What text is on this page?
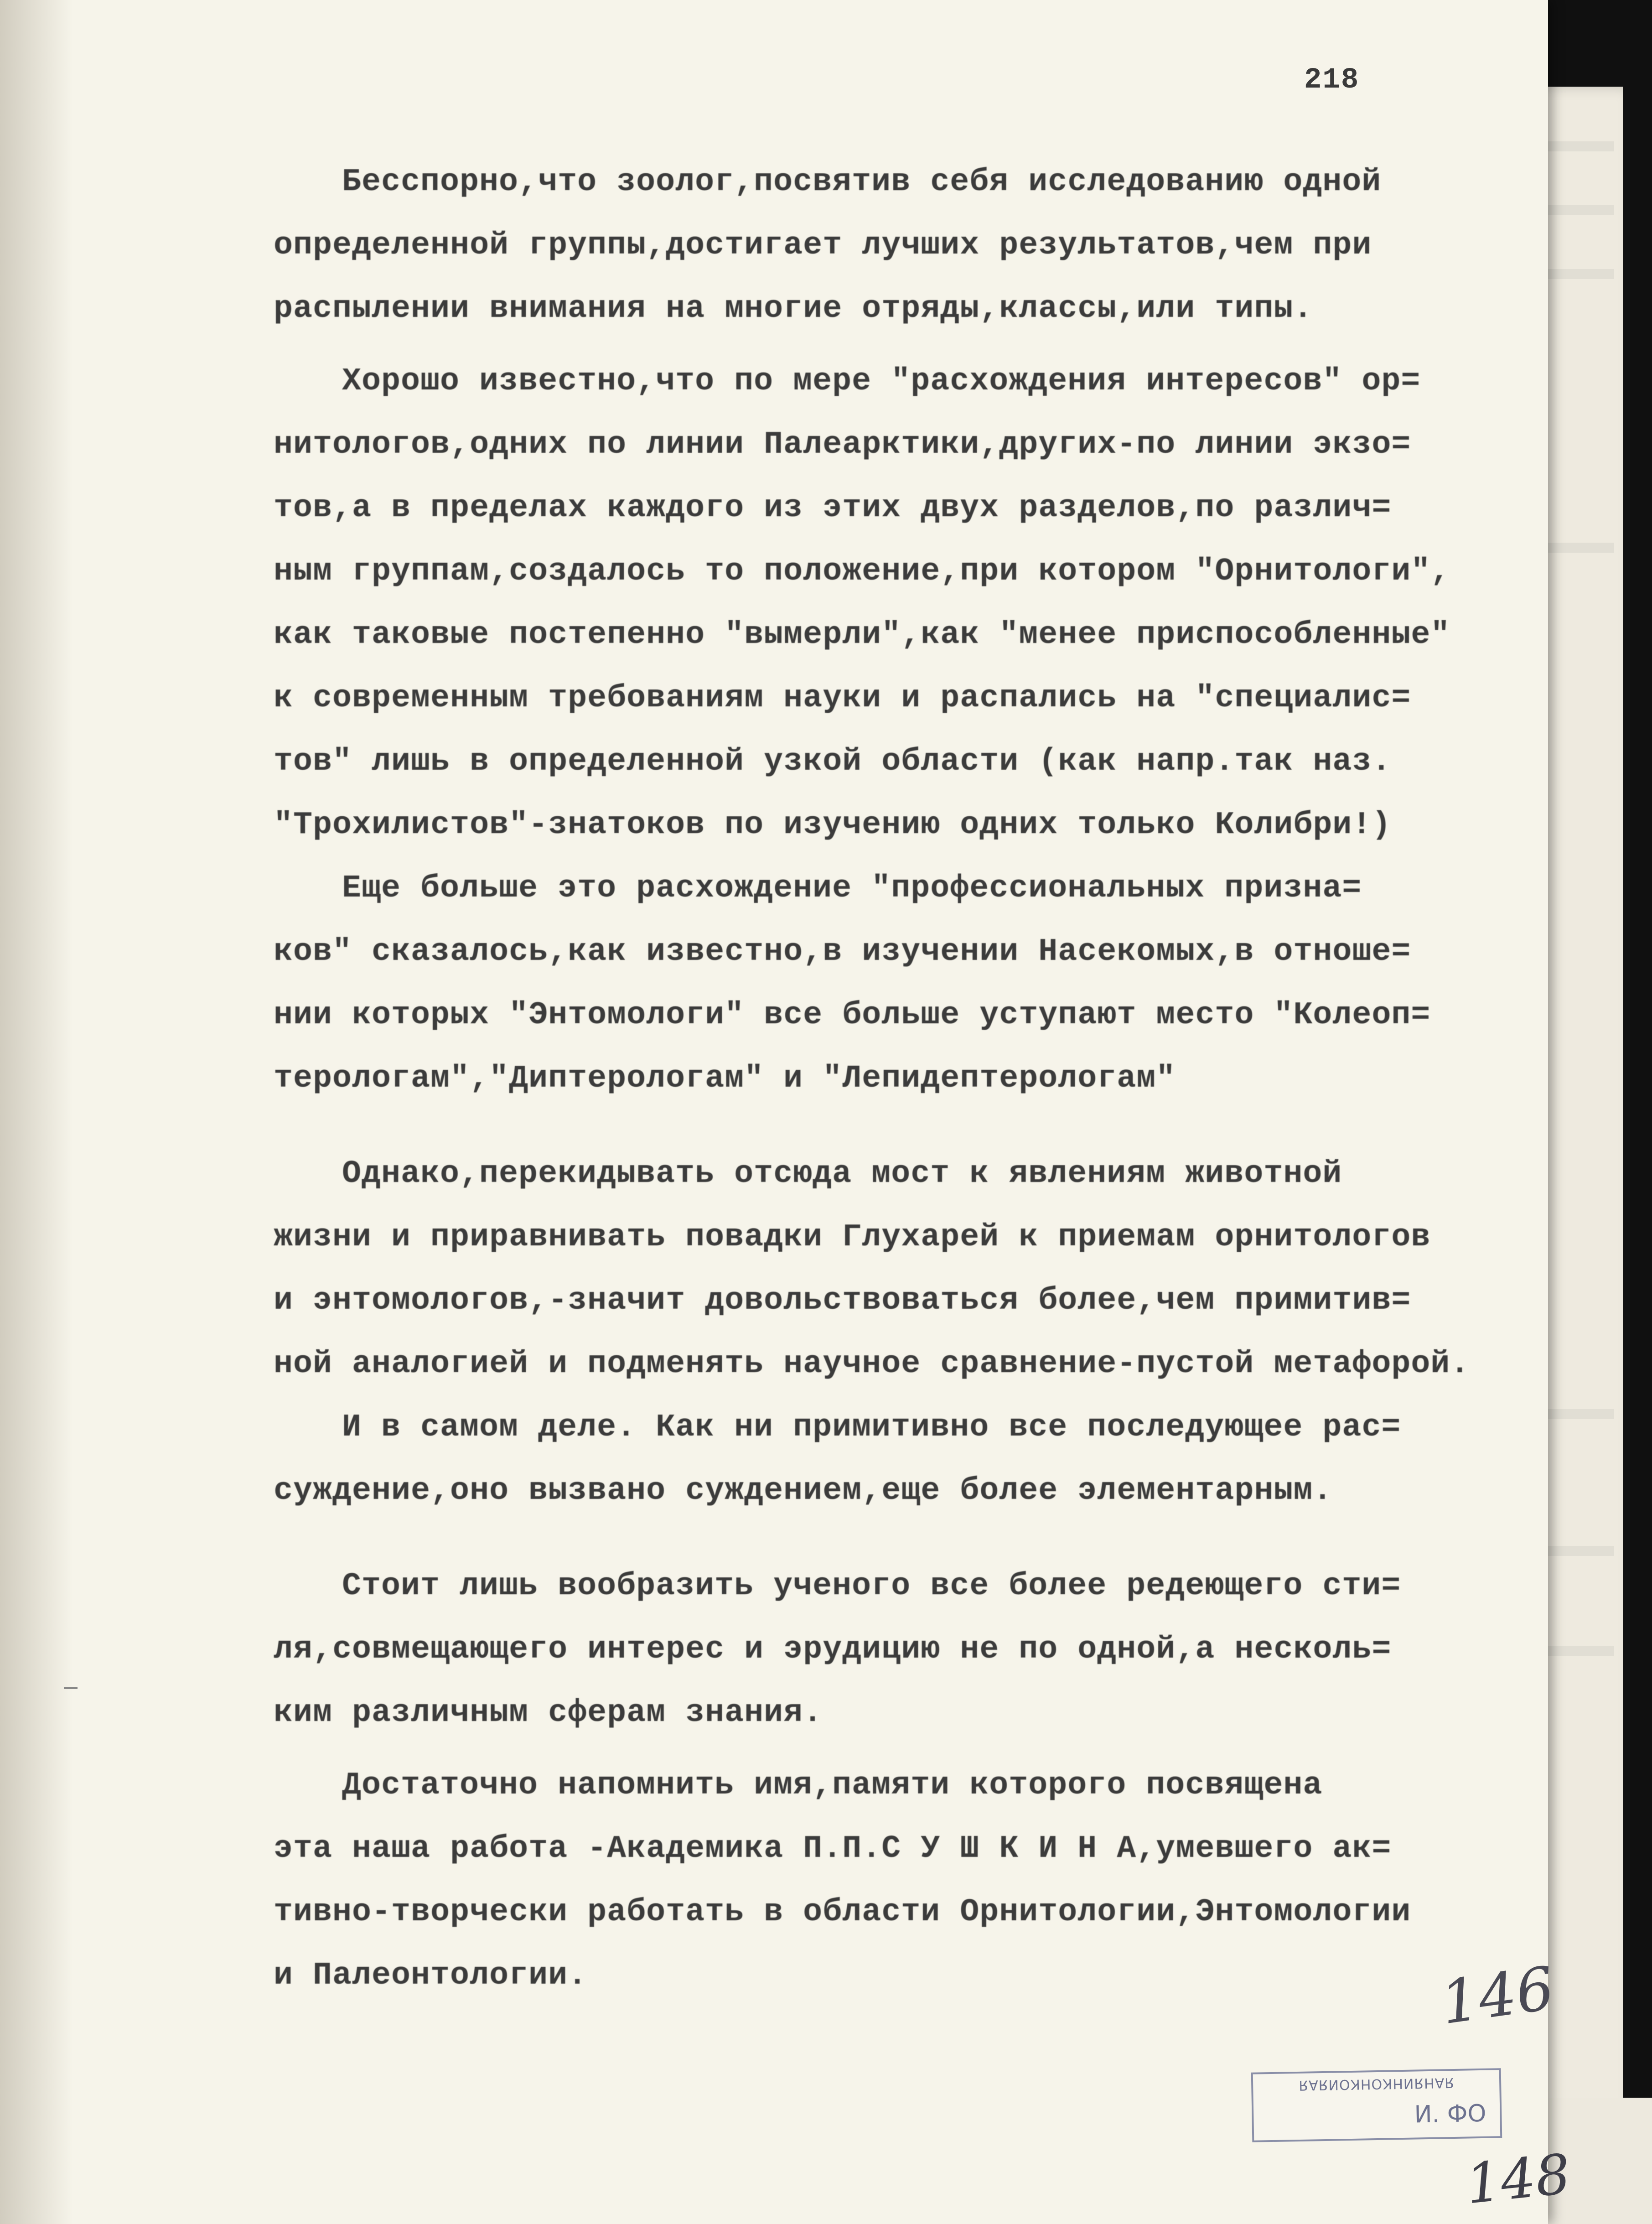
218

Бесспорно,что зоолог,посвятив себя исследованию одной

определенной группы,достигает лучших результатов,чем при

распылении внимания на многие отряды,классы,или типы.

Хорошо известно,что по мере "расхождения интересов" ор=

нитологов,одних по линии Палеарктики,других-по линии экзо=

тов,а в пределах каждого из этих двух разделов,по различ=

ным группам,создалось то положение,при котором "Орнитологи",

как таковые постепенно "вымерли",как "менее приспособленные"

к современным требованиям науки и распались на "специалис=

тов" лишь в определенной узкой области (как напр.так наз.

"Трохилистов"-знатоков по изучению одних только Колибри!)

Еще больше это расхождение "профессиональных призна=

ков" сказалось,как известно,в изучении Насекомых,в отноше=

нии которых "Энтомологи" все больше уступают место "Колеоп=

терологам","Диптерологам" и "Лепидептерологам"

Однако,перекидывать отсюда мост к явлениям животной

жизни и приравнивать повадки Глухарей к приемам орнитологов

и энтомологов,-значит довольствоваться более,чем примитив=

ной аналогией и подменять научное сравнение-пустой метафорой.

И в самом деле. Как ни примитивно все последующее рас=

суждение,оно вызвано суждением,еще более элементарным.

Стоит лишь вообразить ученого все более редеющего сти=

ля,совмещающего интерес и эрудицию не по одной,а несколь=

ким различным сферам знания.

Достаточно напомнить имя,памяти которого посвящена

эта наша работа -Академика П.П.С У Ш К И Н А,умевшего ак=

тивно-творчески работать в области Орнитологии,Энтомологии

и Палеонтологии.	146
ЯАНЯИНКОНКОИЯАЯ
И. ФО
148
